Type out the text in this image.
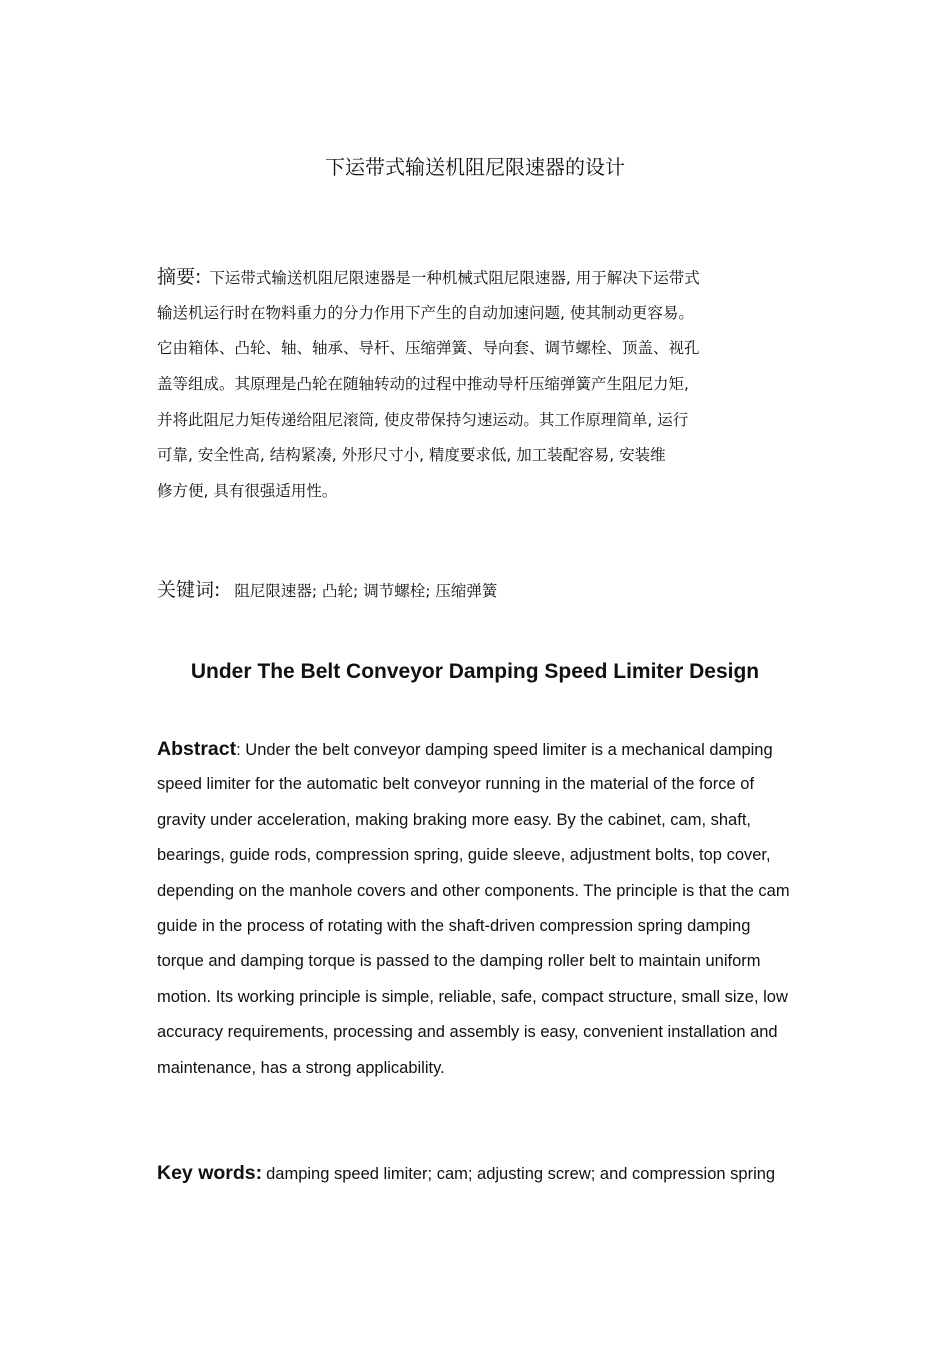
下运带式输送机阻尼限速器的设计
摘要: 下运带式输送机阻尼限速器是一种机械式阻尼限速器, 用于解决下运带式
输送机运行时在物料重力的分力作用下产生的自动加速问题, 使其制动更容易。
它由箱体、凸轮、轴、轴承、导杆、压缩弹簧、导向套、调节螺栓、顶盖、视孔
盖等组成。其原理是凸轮在随轴转动的过程中推动导杆压缩弹簧产生阻尼力矩,
并将此阻尼力矩传递给阻尼滚筒, 使皮带保持匀速运动。其工作原理简单, 运行
可靠, 安全性高, 结构紧凑, 外形尺寸小, 精度要求低, 加工装配容易, 安装维
修方便, 具有很强适用性。
关键词: 阻尼限速器; 凸轮; 调节螺栓; 压缩弹簧
Under The Belt Conveyor Damping Speed Limiter Design
Abstract: Under the belt conveyor damping speed limiter is a mechanical damping
speed limiter for the automatic belt conveyor running in the material of the force of
gravity under acceleration, making braking more easy. By the cabinet, cam, shaft,
bearings, guide rods, compression spring, guide sleeve, adjustment bolts, top cover,
depending on the manhole covers and other components. The principle is that the cam
guide in the process of rotating with the shaft-driven compression spring damping
torque and damping torque is passed to the damping roller belt to maintain uniform
motion. Its working principle is simple, reliable, safe, compact structure, small size, low
accuracy requirements, processing and assembly is easy, convenient installation and
maintenance, has a strong applicability.
Key words: damping speed limiter; cam; adjusting screw; and compression spring
